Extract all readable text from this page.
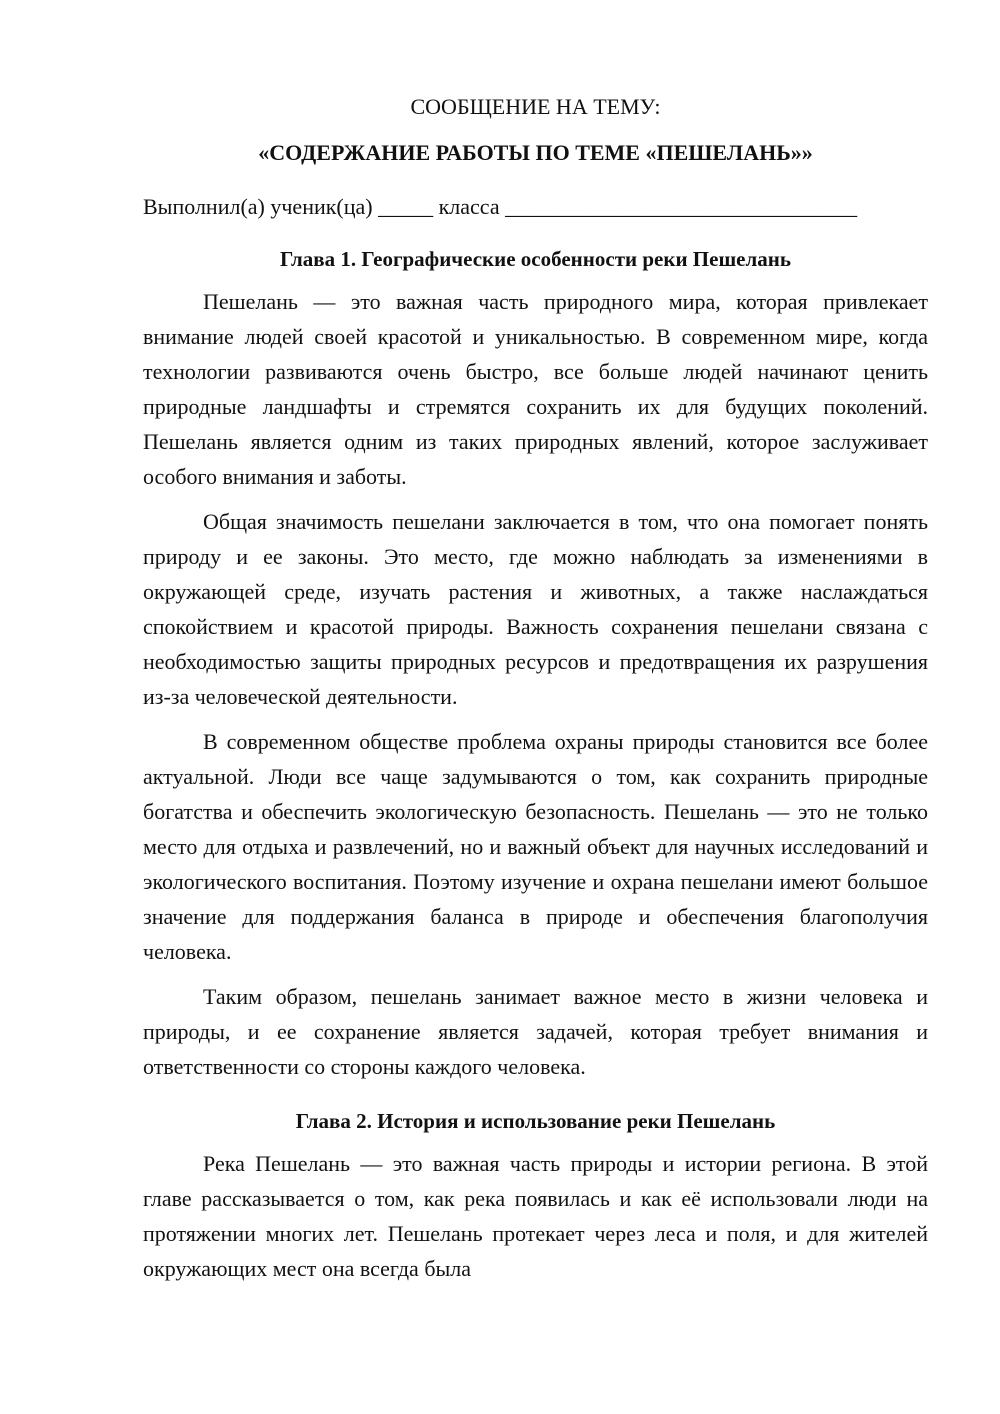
СООБЩЕНИЕ НА ТЕМУ:

«СОДЕРЖАНИЕ РАБОТЫ ПО ТЕМЕ «ПЕШЕЛАНЬ»»

Выполнил(а) ученик(ца) _____ класса ________________________________

Глава 1. Географические особенности реки Пешелань

Пешелань — это важная часть природного мира, которая привлекает внимание людей своей красотой и уникальностью. В современном мире, когда технологии развиваются очень быстро, все больше людей начинают ценить природные ландшафты и стремятся сохранить их для будущих поколений. Пешелань является одним из таких природных явлений, которое заслуживает особого внимания и заботы.

Общая значимость пешелани заключается в том, что она помогает понять природу и ее законы. Это место, где можно наблюдать за изменениями в окружающей среде, изучать растения и животных, а также наслаждаться спокойствием и красотой природы. Важность сохранения пешелани связана с необходимостью защиты природных ресурсов и предотвращения их разрушения из-за человеческой деятельности.

В современном обществе проблема охраны природы становится все более актуальной. Люди все чаще задумываются о том, как сохранить природные богатства и обеспечить экологическую безопасность. Пешелань — это не только место для отдыха и развлечений, но и важный объект для научных исследований и экологического воспитания. Поэтому изучение и охрана пешелани имеют большое значение для поддержания баланса в природе и обеспечения благополучия человека.

Таким образом, пешелань занимает важное место в жизни человека и природы, и ее сохранение является задачей, которая требует внимания и ответственности со стороны каждого человека.

Глава 2. История и использование реки Пешелань

Река Пешелань — это важная часть природы и истории региона. В этой главе рассказывается о том, как река появилась и как её использовали люди на протяжении многих лет. Пешелань протекает через леса и поля, и для жителей окружающих мест она всегда была
